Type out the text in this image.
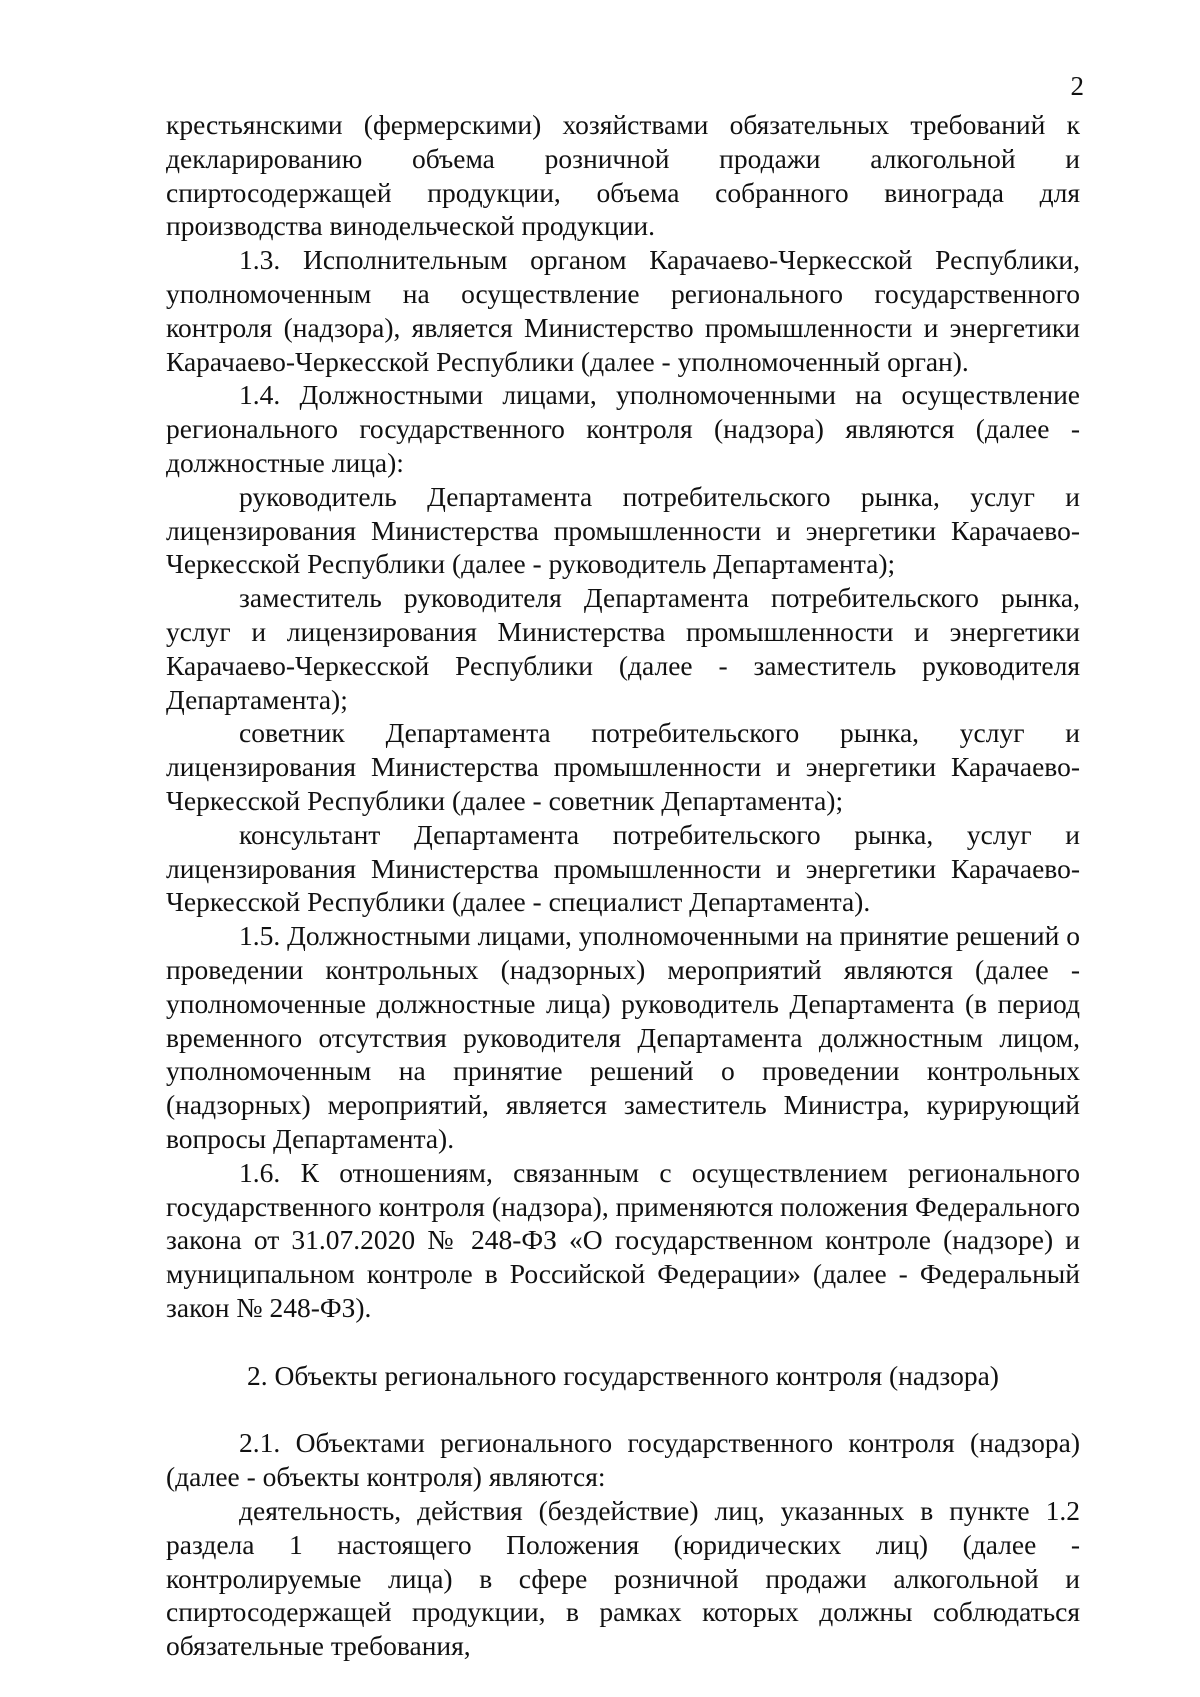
2

крестьянскими (фермерскими) хозяйствами обязательных требований к декларированию объема розничной продажи алкогольной и спиртосодержащей продукции, объема собранного винограда для производства винодельческой продукции.

1.3. Исполнительным органом Карачаево-Черкесской Республики, уполномоченным на осуществление регионального государственного контроля (надзора), является Министерство промышленности и энергетики Карачаево-Черкесской Республики (далее - уполномоченный орган).

1.4. Должностными лицами, уполномоченными на осуществление регионального государственного контроля (надзора) являются (далее - должностные лица):

руководитель Департамента потребительского рынка, услуг и лицензирования Министерства промышленности и энергетики Карачаево-Черкесской Республики (далее - руководитель Департамента);

заместитель руководителя Департамента потребительского рынка, услуг и лицензирования Министерства промышленности и энергетики Карачаево-Черкесской Республики (далее - заместитель руководителя Департамента);

советник Департамента потребительского рынка, услуг и лицензирования Министерства промышленности и энергетики Карачаево-Черкесской Республики (далее - советник Департамента);

консультант Департамента потребительского рынка, услуг и лицензирования Министерства промышленности и энергетики Карачаево-Черкесской Республики (далее - специалист Департамента).

1.5. Должностными лицами, уполномоченными на принятие решений о проведении контрольных (надзорных) мероприятий являются (далее - уполномоченные должностные лица) руководитель Департамента (в период временного отсутствия руководителя Департамента должностным лицом, уполномоченным на принятие решений о проведении контрольных (надзорных) мероприятий, является заместитель Министра, курирующий вопросы Департамента).

1.6. К отношениям, связанным с осуществлением регионального государственного контроля (надзора), применяются положения Федерального закона от 31.07.2020 № 248-ФЗ «О государственном контроле (надзоре) и муниципальном контроле в Российской Федерации» (далее - Федеральный закон № 248-ФЗ).

2. Объекты регионального государственного контроля (надзора)

2.1. Объектами регионального государственного контроля (надзора) (далее - объекты контроля) являются:

деятельность, действия (бездействие) лиц, указанных в пункте 1.2 раздела 1 настоящего Положения (юридических лиц) (далее - контролируемые лица) в сфере розничной продажи алкогольной и спиртосодержащей продукции, в рамках которых должны соблюдаться обязательные требования,
